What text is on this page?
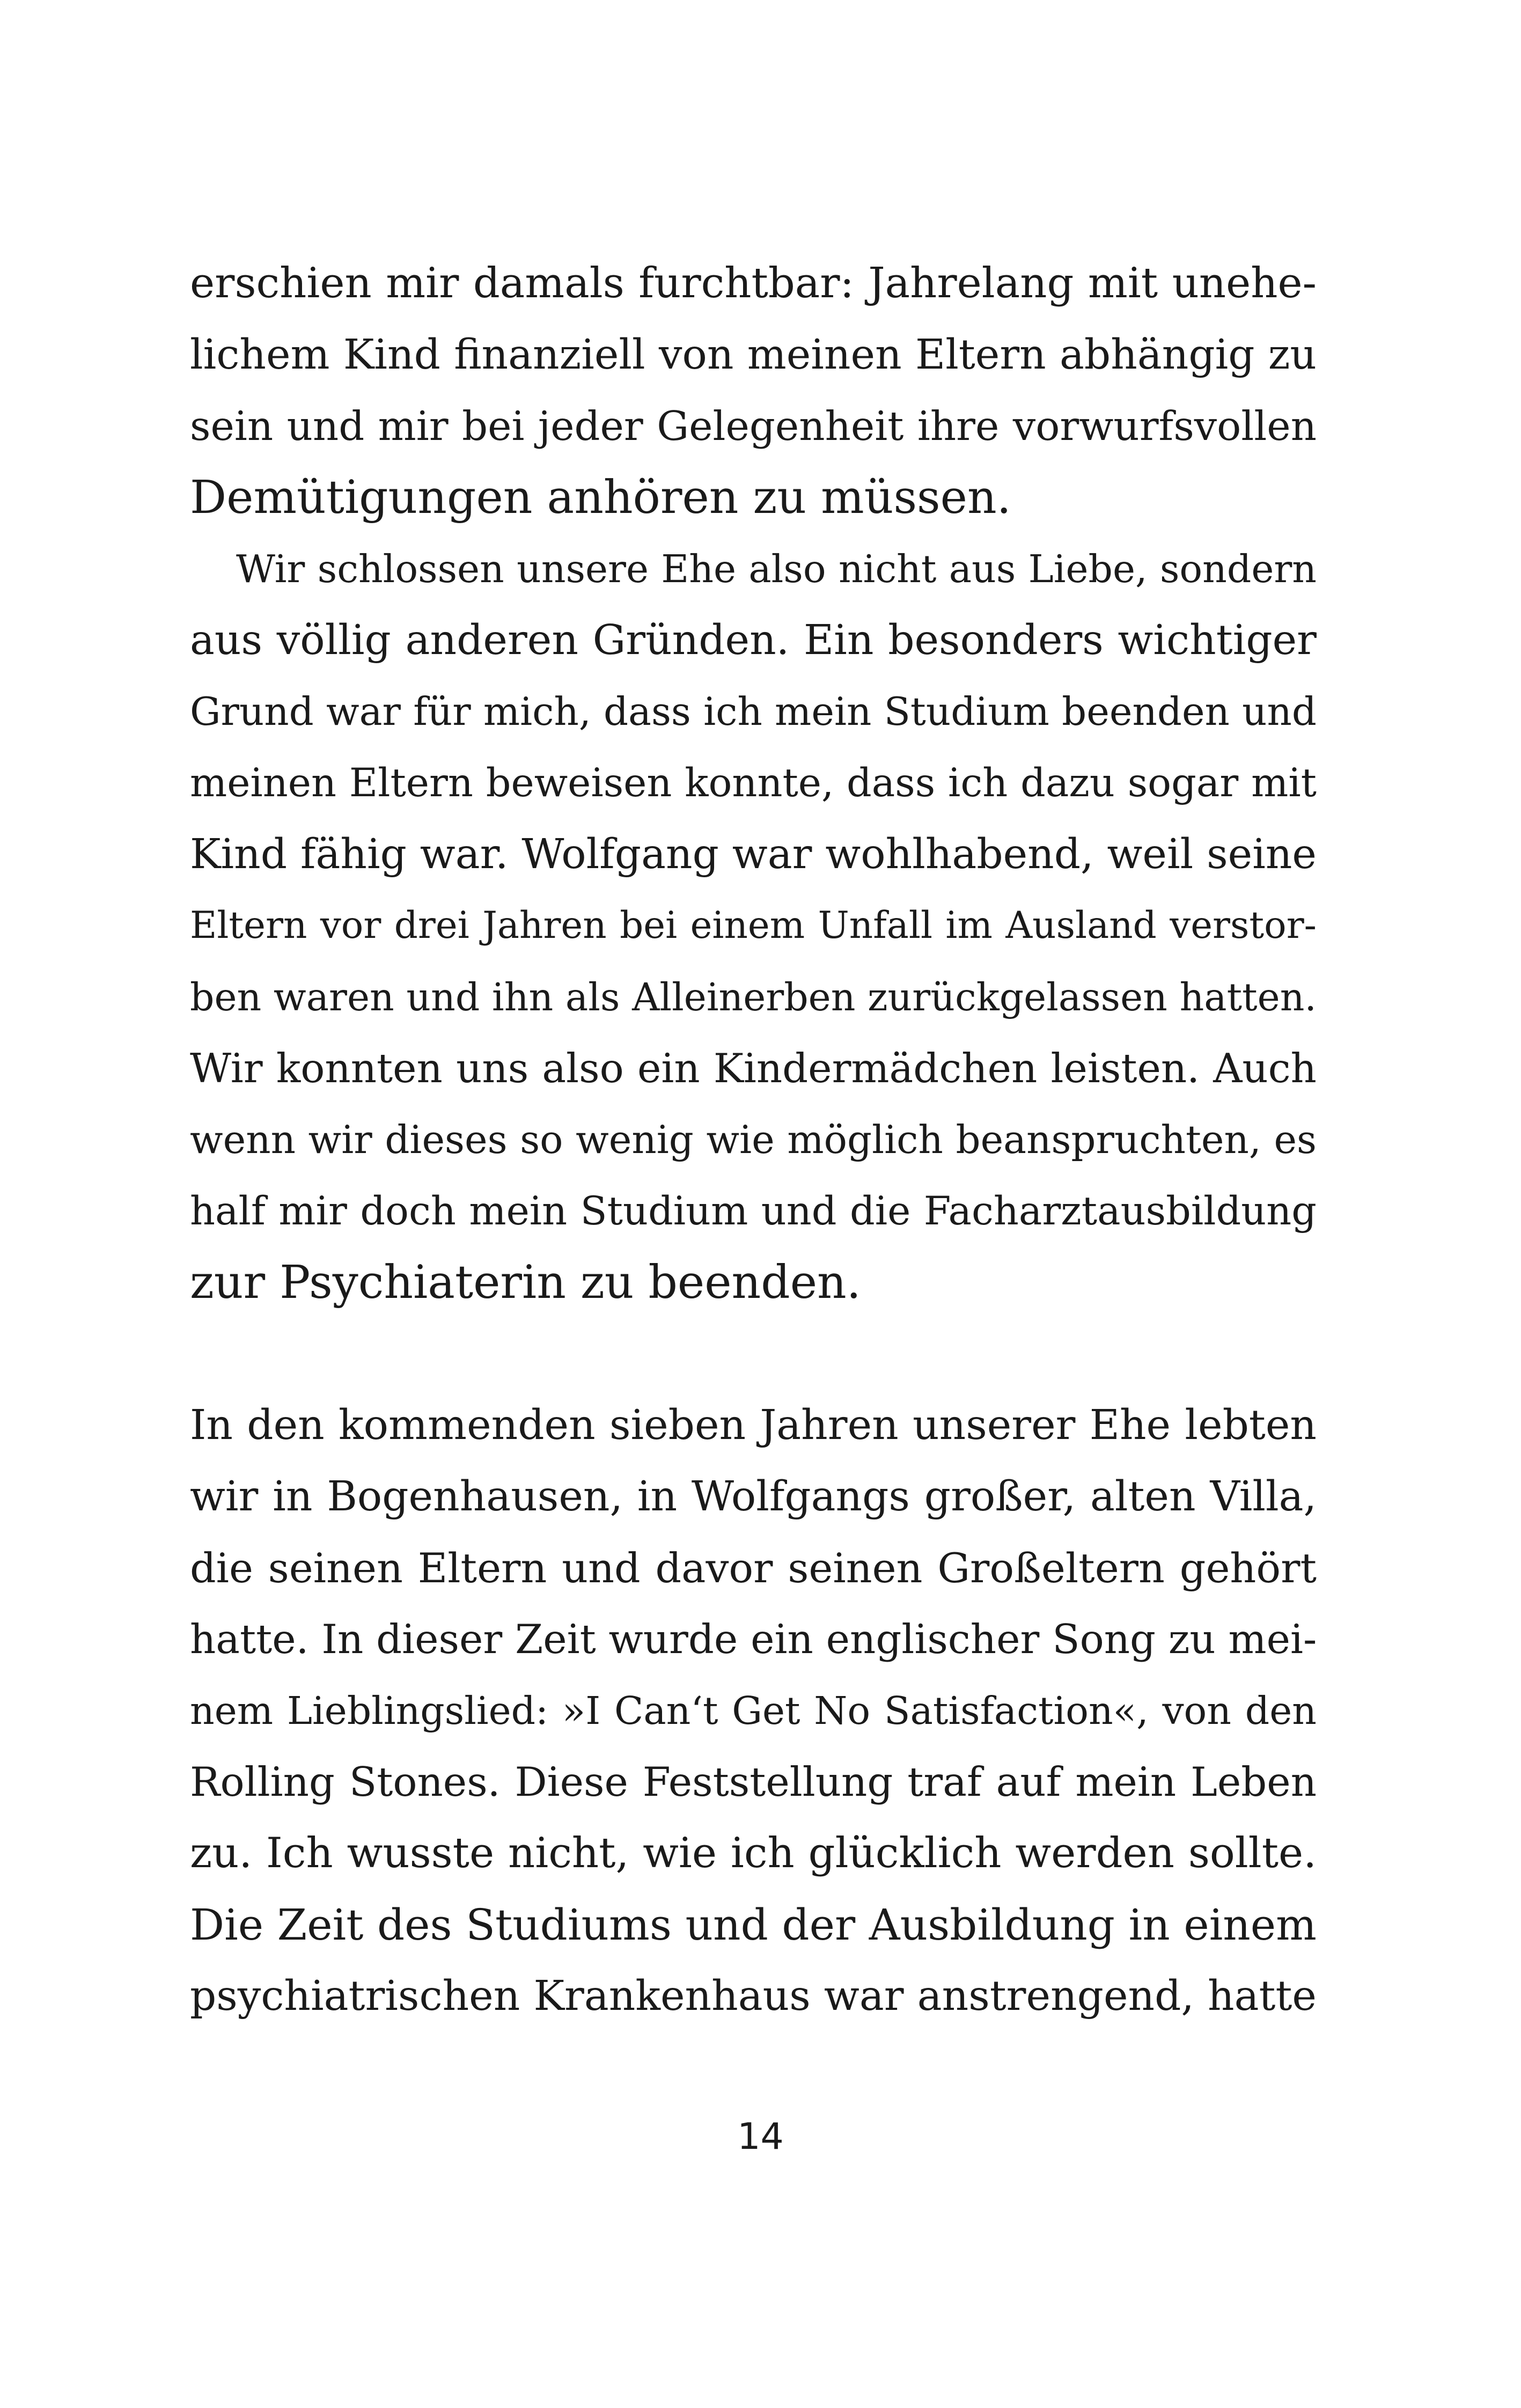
erschien mir damals furchtbar: Jahrelang mit unehe-
lichem Kind finanziell von meinen Eltern abhängig zu
sein und mir bei jeder Gelegenheit ihre vorwurfsvollen
Demütigungen anhören zu müssen.
Wir schlossen unsere Ehe also nicht aus Liebe, sondern
aus völlig anderen Gründen. Ein besonders wichtiger
Grund war für mich, dass ich mein Studium beenden und
meinen Eltern beweisen konnte, dass ich dazu sogar mit
Kind fähig war. Wolfgang war wohlhabend, weil seine
Eltern vor drei Jahren bei einem Unfall im Ausland verstor-
ben waren und ihn als Alleinerben zurückgelassen hatten.
Wir konnten uns also ein Kindermädchen leisten. Auch
wenn wir dieses so wenig wie möglich beanspruchten, es
half mir doch mein Studium und die Facharztausbildung
zur Psychiaterin zu beenden.
In den kommenden sieben Jahren unserer Ehe lebten
wir in Bogenhausen, in Wolfgangs großer, alten Villa,
die seinen Eltern und davor seinen Großeltern gehört
hatte. In dieser Zeit wurde ein englischer Song zu mei-
nem Lieblingslied: »I Can‘t Get No Satisfaction«, von den
Rolling Stones. Diese Feststellung traf auf mein Leben
zu. Ich wusste nicht, wie ich glücklich werden sollte.
Die Zeit des Studiums und der Ausbildung in einem
psychiatrischen Krankenhaus war anstrengend, hatte
14
